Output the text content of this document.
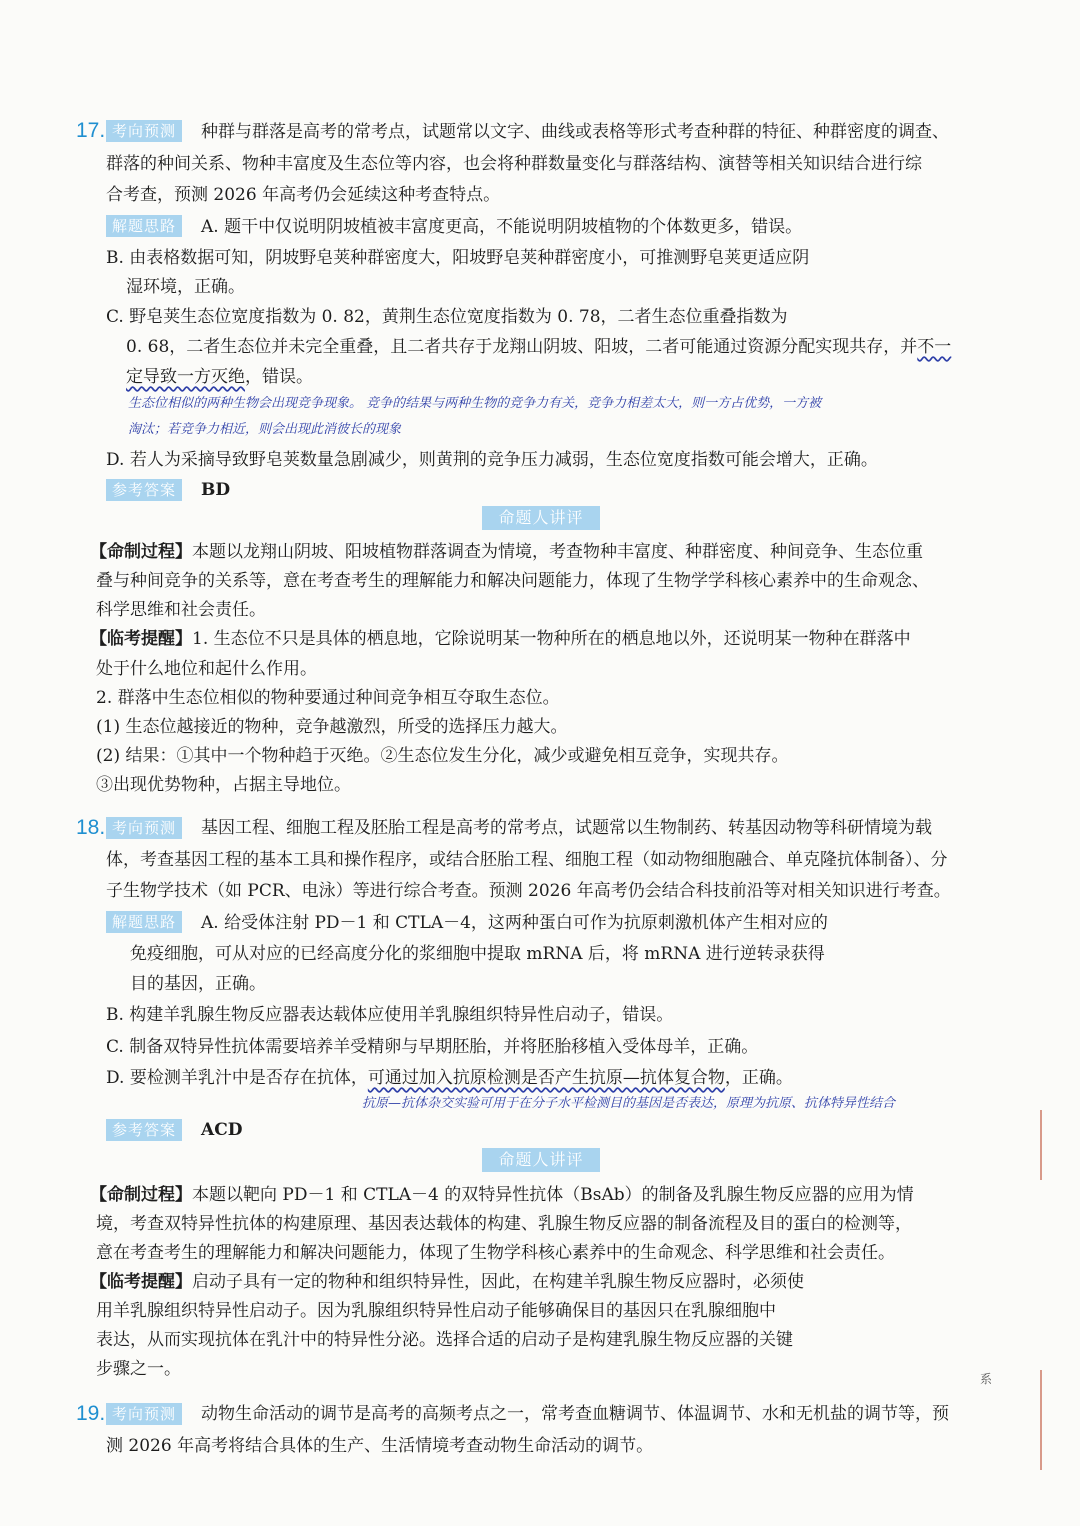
17. 考向预测	种群与群落是高考的常考点，试题常以文字、曲线或表格等形式考查种群的特征、种群密度的调查、
群落的种间关系、物种丰富度及生态位等内容，也会将种群数量变化与群落结构、演替等相关知识结合进行综
合考查，预测 2026 年高考仍会延续这种考查特点。
解题思路	A. 题干中仅说明阴坡植被丰富度更高，不能说明阴坡植物的个体数更多，错误。
B. 由表格数据可知，阴坡野皂荚种群密度大，阳坡野皂荚种群密度小，可推测野皂荚更适应阴
湿环境，正确。
C. 野皂荚生态位宽度指数为 0. 82，黄荆生态位宽度指数为 0. 78，二者生态位重叠指数为
0. 68，二者生态位并未完全重叠，且二者共存于龙翔山阴坡、阳坡，二者可能通过资源分配实现共存，并不一
定导致一方灭绝，错误。
生态位相似的两种生物会出现竞争现象。 竞争的结果与两种生物的竞争力有关，竞争力相差太大，则一方占优势，一方被
淘汰；若竞争力相近，则会出现此消彼长的现象
D. 若人为采摘导致野皂荚数量急剧减少，则黄荆的竞争压力减弱，生态位宽度指数可能会增大，正确。
参考答案	BD
命题人讲评
【命制过程】本题以龙翔山阴坡、阳坡植物群落调查为情境，考查物种丰富度、种群密度、种间竞争、生态位重
叠与种间竞争的关系等，意在考查考生的理解能力和解决问题能力，体现了生物学学科核心素养中的生命观念、
科学思维和社会责任。
【临考提醒】1. 生态位不只是具体的栖息地，它除说明某一物种所在的栖息地以外，还说明某一物种在群落中
处于什么地位和起什么作用。
2. 群落中生态位相似的物种要通过种间竞争相互夺取生态位。
(1) 生态位越接近的物种，竞争越激烈，所受的选择压力越大。
(2) 结果：①其中一个物种趋于灭绝。②生态位发生分化，减少或避免相互竞争，实现共存。
③出现优势物种，占据主导地位。
18. 考向预测	基因工程、细胞工程及胚胎工程是高考的常考点，试题常以生物制药、转基因动物等科研情境为载
体，考查基因工程的基本工具和操作程序，或结合胚胎工程、细胞工程（如动物细胞融合、单克隆抗体制备）、分
子生物学技术（如 PCR、电泳）等进行综合考查。预测 2026 年高考仍会结合科技前沿等对相关知识进行考查。
解题思路	A. 给受体注射 PD－1 和 CTLA－4，这两种蛋白可作为抗原刺激机体产生相对应的
免疫细胞，可从对应的已经高度分化的浆细胞中提取 mRNA 后，将 mRNA 进行逆转录获得
目的基因，正确。
B. 构建羊乳腺生物反应器表达载体应使用羊乳腺组织特异性启动子，错误。
C. 制备双特异性抗体需要培养羊受精卵与早期胚胎，并将胚胎移植入受体母羊，正确。
D. 要检测羊乳汁中是否存在抗体，可通过加入抗原检测是否产生抗原—抗体复合物，正确。
抗原—抗体杂交实验可用于在分子水平检测目的基因是否表达，原理为抗原、抗体特异性结合
参考答案	ACD
命题人讲评
【命制过程】本题以靶向 PD－1 和 CTLA－4 的双特异性抗体（BsAb）的制备及乳腺生物反应器的应用为情
境，考查双特异性抗体的构建原理、基因表达载体的构建、乳腺生物反应器的制备流程及目的蛋白的检测等，
意在考查考生的理解能力和解决问题能力，体现了生物学科核心素养中的生命观念、科学思维和社会责任。
【临考提醒】启动子具有一定的物种和组织特异性，因此，在构建羊乳腺生物反应器时，必须使
用羊乳腺组织特异性启动子。因为乳腺组织特异性启动子能够确保目的基因只在乳腺细胞中
表达，从而实现抗体在乳汁中的特异性分泌。选择合适的启动子是构建乳腺生物反应器的关键
步骤之一。	系
19. 考向预测	动物生命活动的调节是高考的高频考点之一，常考查血糖调节、体温调节、水和无机盐的调节等，预
测 2026 年高考将结合具体的生产、生活情境考查动物生命活动的调节。
